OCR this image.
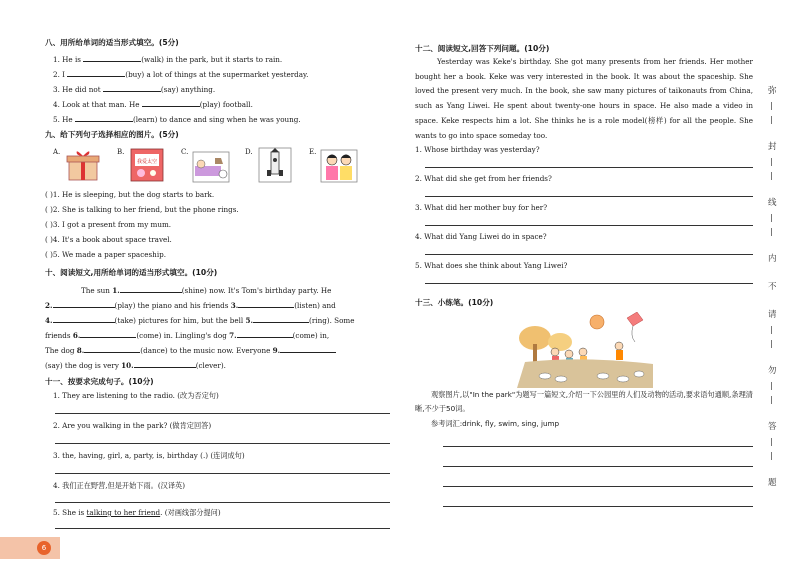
八、用所给单词的适当形式填空。(5分)
1. He is	(walk) in the park, but it starts to rain.
2. I	(buy) a lot of things at the supermarket yesterday.
3. He did not	(say) anything.
4. Look at that man. He	(play) football.
5. He	(learn) to dance and sing when he was young.
九、给下列句子选择相应的图片。(5分)
A.	B.
我爱太空
C.	D.	E.
( )1. He is sleeping, but the dog starts to bark.
( )2. She is talking to her friend, but the phone rings.
( )3. I got a present from my mum.
( )4. It's a book about space travel.
( )5. We made a paper spaceship.
十、阅读短文,用所给单词的适当形式填空。(10分)
The sun 1.	(shine) now. It's Tom's birthday party. He
2.	(play) the piano and his friends 3.	(listen) and
4.	(take) pictures for him, but the bell 5.	(ring). Some
friends 6.	(come) in. Lingling's dog 7.	(come) in,
The dog 8.	(dance) to the music now. Everyone 9.
(say) the dog is very 10.	(clever).
十一、按要求完成句子。(10分)
1. They are listening to the radio. (改为否定句)
2. Are you walking in the park? (做肯定回答)
3. the, having, girl, a, party, is, birthday (.) (连词成句)
4. 我们正在野营,但是开始下雨。(汉译英)
5. She is talking to her friend. (对画线部分提问)
十二、阅读短文,回答下列问题。(10分)
Yesterday was Keke's birthday. She got many presents from her friends. Her mother bought her a book. Keke was very interested in the book. It was about the spaceship. She loved the present very much. In the book, she saw many pictures of taikonauts from China, such as Yang Liwei. He spent about twenty-one hours in space. He also made a video in space. Keke respects him a lot. She thinks he is a role model(榜样) for all the people. She wants to go into space someday too.
1. Whose birthday was yesterday?
2. What did she get from her friends?
3. What did her mother buy for her?
4. What did Yang Liwei do in space?
5. What does she think about Yang Liwei?
十三、小练笔。(10分)
观察图片,以"In the park"为题写一篇短文,介绍一下公园里的人们及动物的活动,要求语句通顺,条理清晰,不少于50词。
参考词汇:drink, fly, swim, sing, jump
弥
封
线
内
不
请
勿
答
题
6
